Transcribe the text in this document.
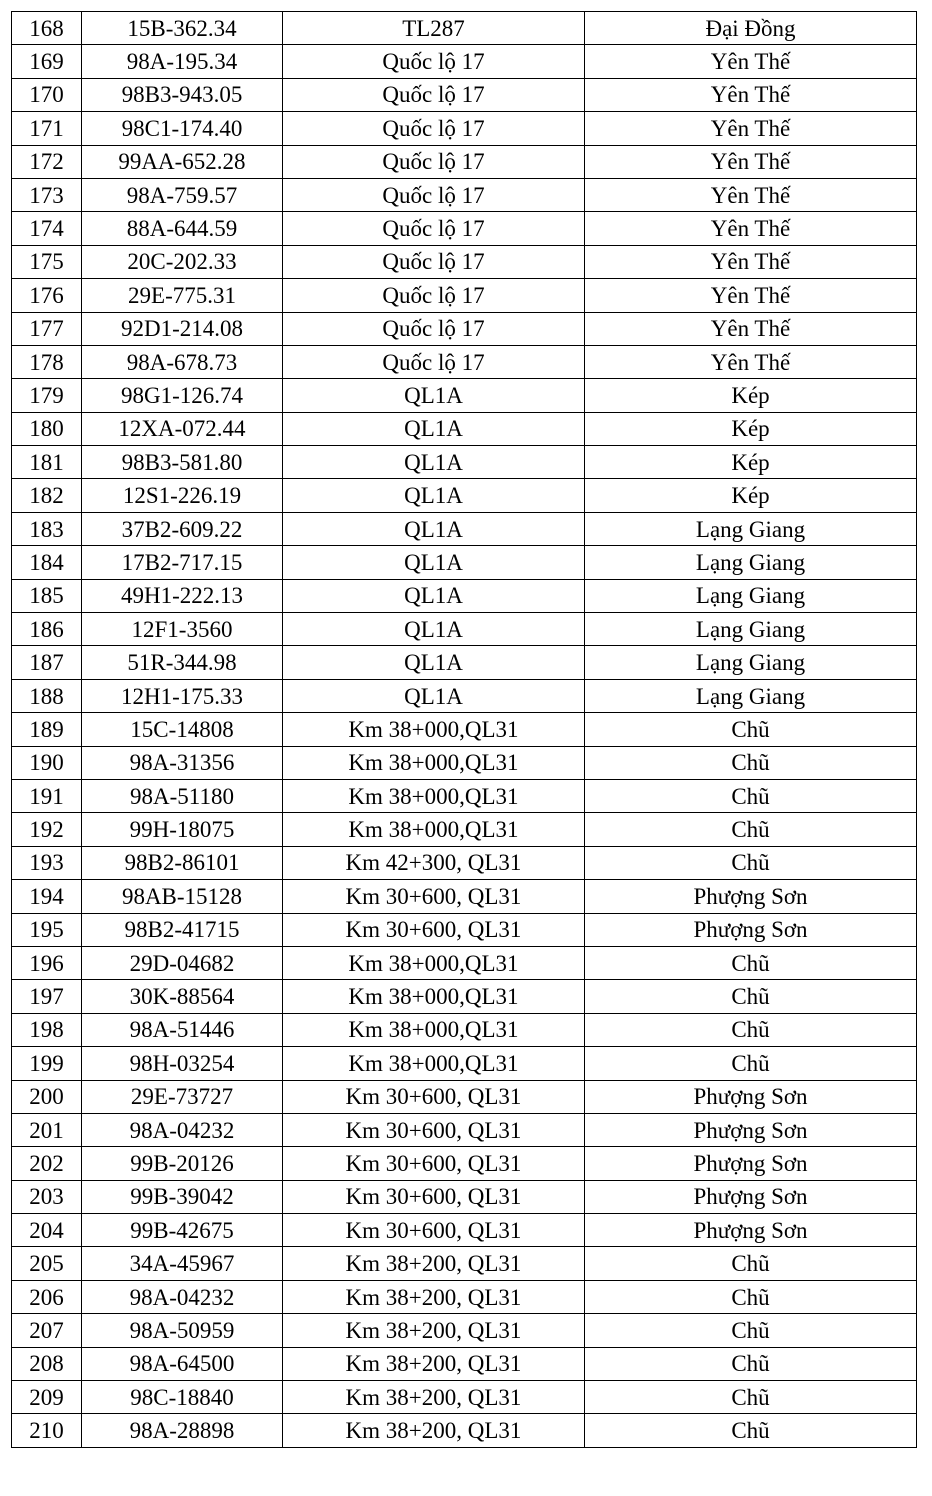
168	15B-362.34	TL287	Đại Đồng
169	98A-195.34	Quốc lộ 17	Yên Thế
170	98B3-943.05	Quốc lộ 17	Yên Thế
171	98C1-174.40	Quốc lộ 17	Yên Thế
172	99AA-652.28	Quốc lộ 17	Yên Thế
173	98A-759.57	Quốc lộ 17	Yên Thế
174	88A-644.59	Quốc lộ 17	Yên Thế
175	20C-202.33	Quốc lộ 17	Yên Thế
176	29E-775.31	Quốc lộ 17	Yên Thế
177	92D1-214.08	Quốc lộ 17	Yên Thế
178	98A-678.73	Quốc lộ 17	Yên Thế
179	98G1-126.74	QL1A	Kép
180	12XA-072.44	QL1A	Kép
181	98B3-581.80	QL1A	Kép
182	12S1-226.19	QL1A	Kép
183	37B2-609.22	QL1A	Lạng Giang
184	17B2-717.15	QL1A	Lạng Giang
185	49H1-222.13	QL1A	Lạng Giang
186	12F1-3560	QL1A	Lạng Giang
187	51R-344.98	QL1A	Lạng Giang
188	12H1-175.33	QL1A	Lạng Giang
189	15C-14808	Km 38+000,QL31	Chũ
190	98A-31356	Km 38+000,QL31	Chũ
191	98A-51180	Km 38+000,QL31	Chũ
192	99H-18075	Km 38+000,QL31	Chũ
193	98B2-86101	Km 42+300, QL31	Chũ
194	98AB-15128	Km 30+600, QL31	Phượng Sơn
195	98B2-41715	Km 30+600, QL31	Phượng Sơn
196	29D-04682	Km 38+000,QL31	Chũ
197	30K-88564	Km 38+000,QL31	Chũ
198	98A-51446	Km 38+000,QL31	Chũ
199	98H-03254	Km 38+000,QL31	Chũ
200	29E-73727	Km 30+600, QL31	Phượng Sơn
201	98A-04232	Km 30+600, QL31	Phượng Sơn
202	99B-20126	Km 30+600, QL31	Phượng Sơn
203	99B-39042	Km 30+600, QL31	Phượng Sơn
204	99B-42675	Km 30+600, QL31	Phượng Sơn
205	34A-45967	Km 38+200, QL31	Chũ
206	98A-04232	Km 38+200, QL31	Chũ
207	98A-50959	Km 38+200, QL31	Chũ
208	98A-64500	Km 38+200, QL31	Chũ
209	98C-18840	Km 38+200, QL31	Chũ
210	98A-28898	Km 38+200, QL31	Chũ
